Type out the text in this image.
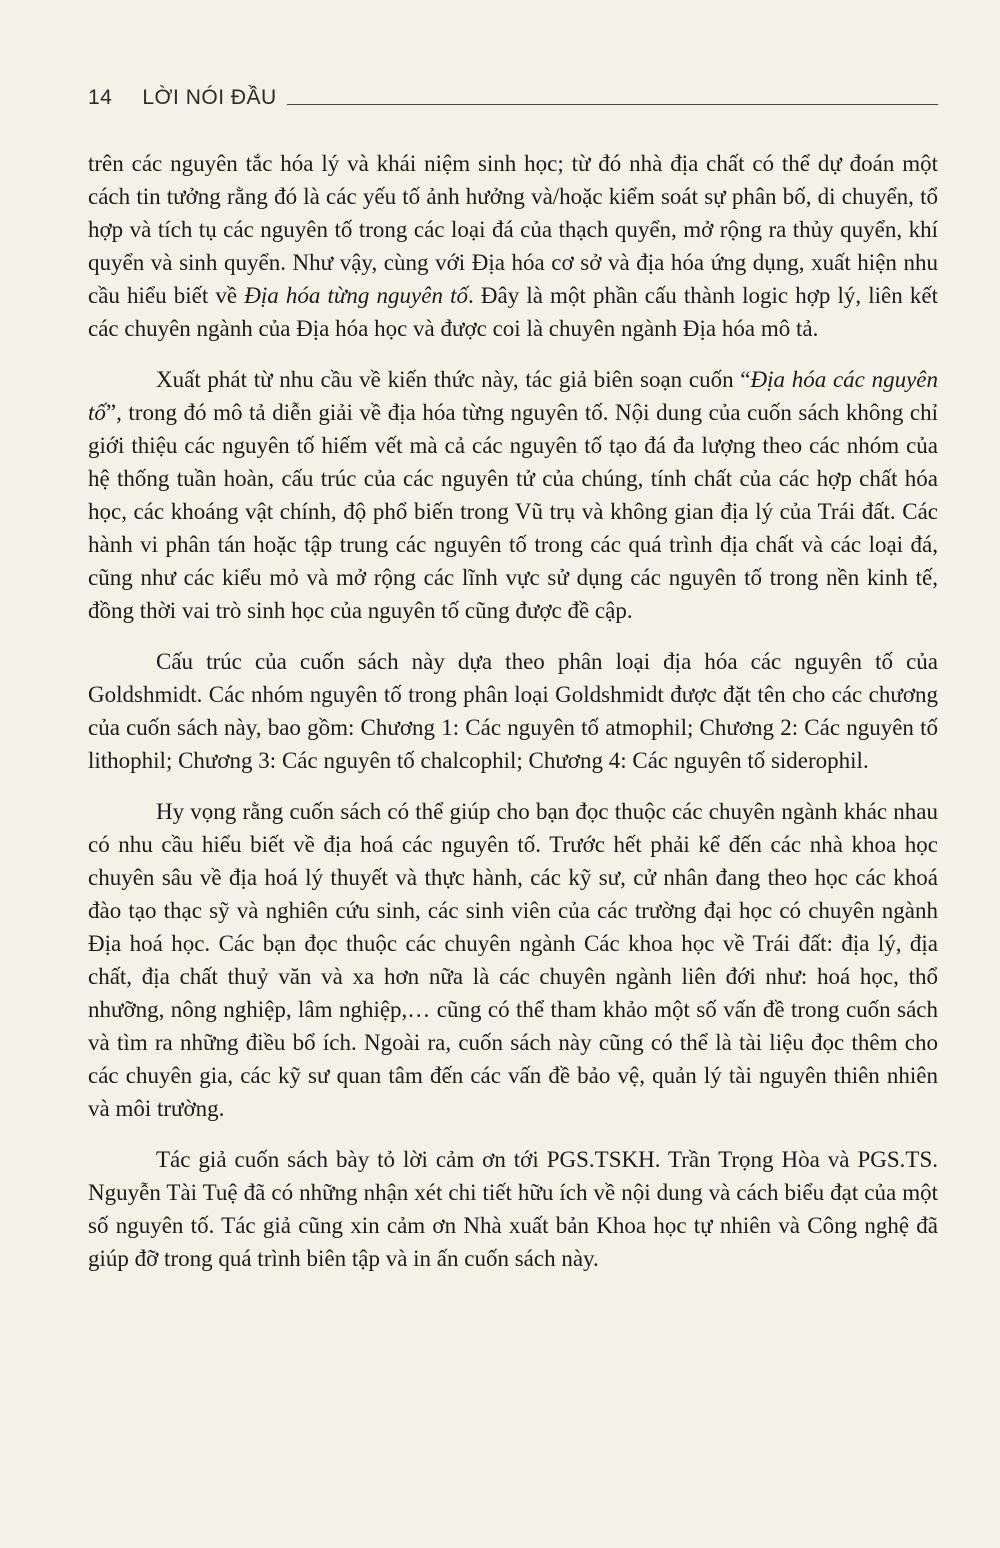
14 LỜI NÓI ĐẦU

trên các nguyên tắc hóa lý và khái niệm sinh học; từ đó nhà địa chất có thể dự đoán một cách tin tưởng rằng đó là các yếu tố ảnh hưởng và/hoặc kiểm soát sự phân bố, di chuyển, tổ hợp và tích tụ các nguyên tố trong các loại đá của thạch quyển, mở rộng ra thủy quyển, khí quyển và sinh quyển. Như vậy, cùng với Địa hóa cơ sở và địa hóa ứng dụng, xuất hiện nhu cầu hiểu biết về Địa hóa từng nguyên tố. Đây là một phần cấu thành logic hợp lý, liên kết các chuyên ngành của Địa hóa học và được coi là chuyên ngành Địa hóa mô tả.

Xuất phát từ nhu cầu về kiến thức này, tác giả biên soạn cuốn “Địa hóa các nguyên tố”, trong đó mô tả diễn giải về địa hóa từng nguyên tố. Nội dung của cuốn sách không chỉ giới thiệu các nguyên tố hiếm vết mà cả các nguyên tố tạo đá đa lượng theo các nhóm của hệ thống tuần hoàn, cấu trúc của các nguyên tử của chúng, tính chất của các hợp chất hóa học, các khoáng vật chính, độ phổ biến trong Vũ trụ và không gian địa lý của Trái đất. Các hành vi phân tán hoặc tập trung các nguyên tố trong các quá trình địa chất và các loại đá, cũng như các kiểu mỏ và mở rộng các lĩnh vực sử dụng các nguyên tố trong nền kinh tế, đồng thời vai trò sinh học của nguyên tố cũng được đề cập.

Cấu trúc của cuốn sách này dựa theo phân loại địa hóa các nguyên tố của Goldshmidt. Các nhóm nguyên tố trong phân loại Goldshmidt được đặt tên cho các chương của cuốn sách này, bao gồm: Chương 1: Các nguyên tố atmophil; Chương 2: Các nguyên tố lithophil; Chương 3: Các nguyên tố chalcophil; Chương 4: Các nguyên tố siderophil.

Hy vọng rằng cuốn sách có thể giúp cho bạn đọc thuộc các chuyên ngành khác nhau có nhu cầu hiểu biết về địa hoá các nguyên tố. Trước hết phải kể đến các nhà khoa học chuyên sâu về địa hoá lý thuyết và thực hành, các kỹ sư, cử nhân đang theo học các khoá đào tạo thạc sỹ và nghiên cứu sinh, các sinh viên của các trường đại học có chuyên ngành Địa hoá học. Các bạn đọc thuộc các chuyên ngành Các khoa học về Trái đất: địa lý, địa chất, địa chất thuỷ văn và xa hơn nữa là các chuyên ngành liên đới như: hoá học, thổ nhưỡng, nông nghiệp, lâm nghiệp,… cũng có thể tham khảo một số vấn đề trong cuốn sách và tìm ra những điều bổ ích. Ngoài ra, cuốn sách này cũng có thể là tài liệu đọc thêm cho các chuyên gia, các kỹ sư quan tâm đến các vấn đề bảo vệ, quản lý tài nguyên thiên nhiên và môi trường.

Tác giả cuốn sách bày tỏ lời cảm ơn tới PGS.TSKH. Trần Trọng Hòa và PGS.TS. Nguyễn Tài Tuệ đã có những nhận xét chi tiết hữu ích về nội dung và cách biểu đạt của một số nguyên tố. Tác giả cũng xin cảm ơn Nhà xuất bản Khoa học tự nhiên và Công nghệ đã giúp đỡ trong quá trình biên tập và in ấn cuốn sách này.
